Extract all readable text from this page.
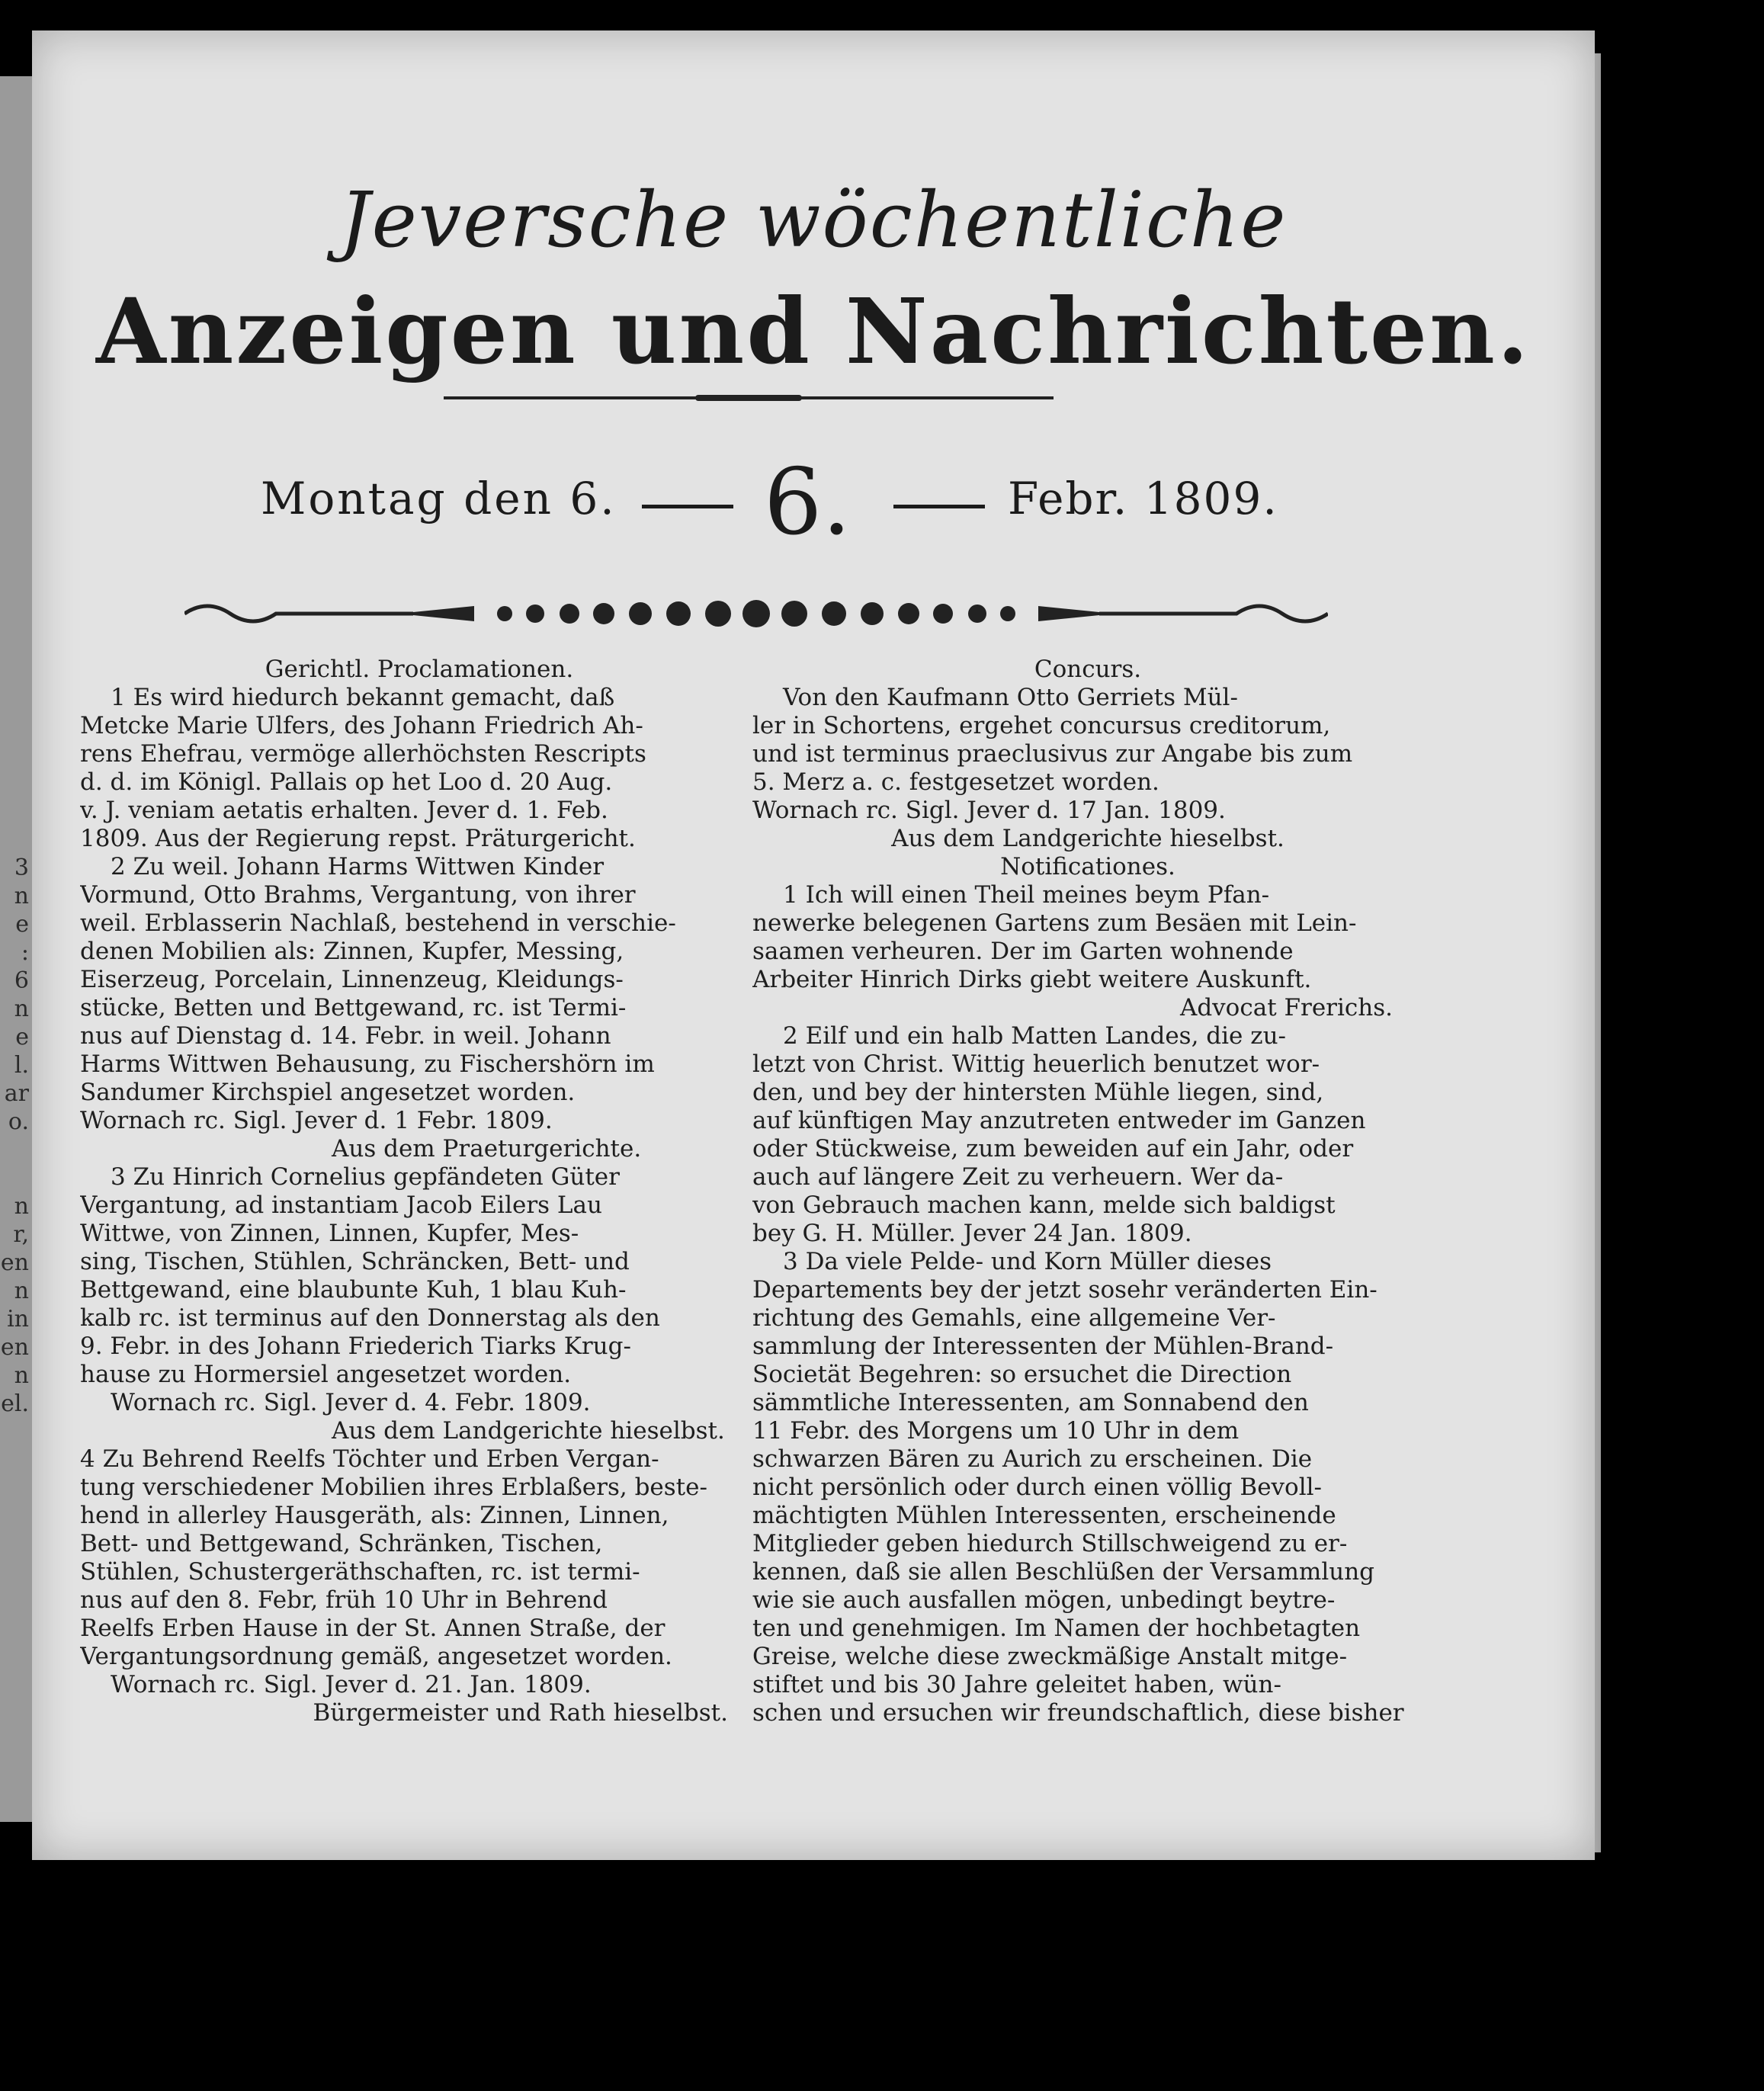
3
n
e
:
6
n
e
l.
ar
o.
n
r,
en
n
in
en
n
el.
Jeversche wöchentliche
Anzeigen und Nachrichten.
Montag den 6. 6.	Febr. 1809.
Gerichtl. Proclamationen.
1 Es wird hiedurch bekannt gemacht, daß
Metcke Marie Ulfers, des Johann Friedrich Ah-
rens Ehefrau, vermöge allerhöchsten Rescripts
d. d. im Königl. Pallais op het Loo d. 20 Aug.
v. J. veniam aetatis erhalten. Jever d. 1. Feb.
1809. Aus der Regierung repst. Präturgericht.
2 Zu weil. Johann Harms Wittwen Kinder
Vormund, Otto Brahms, Vergantung, von ihrer
weil. Erblasserin Nachlaß, bestehend in verschie-
denen Mobilien als: Zinnen, Kupfer, Messing,
Eiserzeug, Porcelain, Linnenzeug, Kleidungs-
stücke, Betten und Bettgewand, rc. ist Termi-
nus auf Dienstag d. 14. Febr. in weil. Johann
Harms Wittwen Behausung, zu Fischershörn im
Sandumer Kirchspiel angesetzet worden.
Wornach rc. Sigl. Jever d. 1 Febr. 1809.
Aus dem Praeturgerichte.
3 Zu Hinrich Cornelius gepfändeten Güter
Vergantung, ad instantiam Jacob Eilers Lau
Wittwe, von Zinnen, Linnen, Kupfer, Mes-
sing, Tischen, Stühlen, Schräncken, Bett- und
Bettgewand, eine blaubunte Kuh, 1 blau Kuh-
kalb rc. ist terminus auf den Donnerstag als den
9. Febr. in des Johann Friederich Tiarks Krug-
hause zu Hormersiel angesetzet worden.
Wornach rc. Sigl. Jever d. 4. Febr. 1809.
Aus dem Landgerichte hieselbst.
4 Zu Behrend Reelfs Töchter und Erben Vergan-
tung verschiedener Mobilien ihres Erblaßers, beste-
hend in allerley Hausgeräth, als: Zinnen, Linnen,
Bett- und Bettgewand, Schränken, Tischen,
Stühlen, Schustergeräthschaften, rc. ist termi-
nus auf den 8. Febr, früh 10 Uhr in Behrend
Reelfs Erben Hause in der St. Annen Straße, der
Vergantungsordnung gemäß, angesetzet worden.
Wornach rc. Sigl. Jever d. 21. Jan. 1809.
Bürgermeister und Rath hieselbst.
Concurs.
Von den Kaufmann Otto Gerriets Mül-
ler in Schortens, ergehet concursus creditorum,
und ist terminus praeclusivus zur Angabe bis zum
5. Merz a. c. festgesetzet worden.
Wornach rc. Sigl. Jever d. 17 Jan. 1809.
Aus dem Landgerichte hieselbst.
Notificationes.
1 Ich will einen Theil meines beym Pfan-
newerke belegenen Gartens zum Besäen mit Lein-
saamen verheuren. Der im Garten wohnende
Arbeiter Hinrich Dirks giebt weitere Auskunft.
Advocat Frerichs.
2 Eilf und ein halb Matten Landes, die zu-
letzt von Christ. Wittig heuerlich benutzet wor-
den, und bey der hintersten Mühle liegen, sind,
auf künftigen May anzutreten entweder im Ganzen
oder Stückweise, zum beweiden auf ein Jahr, oder
auch auf längere Zeit zu verheuern. Wer da-
von Gebrauch machen kann, melde sich baldigst
bey G. H. Müller. Jever 24 Jan. 1809.
3 Da viele Pelde- und Korn Müller dieses
Departements bey der jetzt sosehr veränderten Ein-
richtung des Gemahls, eine allgemeine Ver-
sammlung der Interessenten der Mühlen-Brand-
Societät Begehren: so ersuchet die Direction
sämmtliche Interessenten, am Sonnabend den
11 Febr. des Morgens um 10 Uhr in dem
schwarzen Bären zu Aurich zu erscheinen. Die
nicht persönlich oder durch einen völlig Bevoll-
mächtigten Mühlen Interessenten, erscheinende
Mitglieder geben hiedurch Stillschweigend zu er-
kennen, daß sie allen Beschlüßen der Versammlung
wie sie auch ausfallen mögen, unbedingt beytre-
ten und genehmigen. Im Namen der hochbetagten
Greise, welche diese zweckmäßige Anstalt mitge-
stiftet und bis 30 Jahre geleitet haben, wün-
schen und ersuchen wir freundschaftlich, diese bisher
